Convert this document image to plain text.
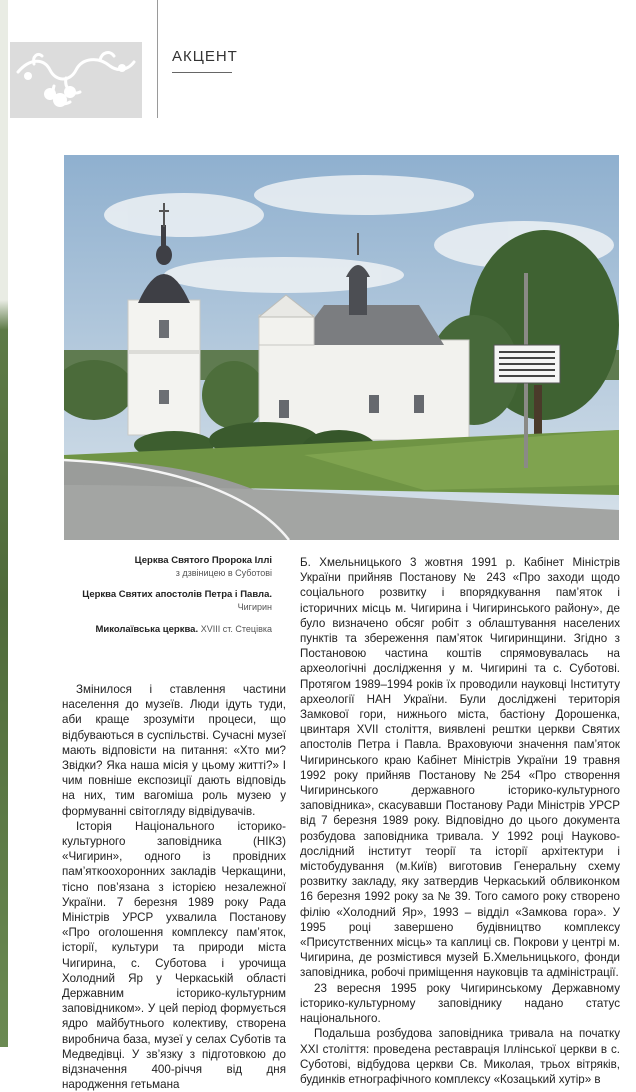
АКЦЕНТ
Церква Святого Пророка Іллі
з дзвіницею в Суботові
Церква Святих апостолів Петра і Павла.
Чигирин
Миколаївська церква. XVIII ст. Стецівка

Змінилося і ставлення частини населення до музеїв. Люди ідуть туди, аби краще зрозуміти процеси, що відбуваються в суспільстві. Сучасні музеї мають відповісти на питання: «Хто ми? Звідки? Яка наша місія у цьому житті?» І чим повніше експозиції дають відповідь на них, тим вагоміша роль музею у формуванні світогляду відвідувачів.

Історія Національного історико-культурного заповідника (НІКЗ) «Чигирин», одного із провідних пам’яткоохоронних закладів Черкащини, тісно пов’язана з історією незалежної України. 7 березня 1989 року Рада Міністрів УРСР ухвалила Постанову «Про оголошення комплексу пам’яток, історії, культури та природи міста Чигирина, с. Суботова і урочища Холодний Яр у Черкаській області Державним історико-культурним заповідником». У цей період формується ядро майбутнього колективу, створена виробнича база, музеї у селах Суботів та Медведівці. У зв’язку з підготовкою до відзначення 400-річчя від дня народження гетьмана

Б. Хмельницького 3 жовтня 1991 р. Кабінет Міністрів України прийняв Постанову № 243 «Про заходи щодо соціального розвитку і впорядкування пам’яток і історичних місць м. Чигирина і Чигиринського району», де було визначено обсяг робіт з облаштування населених пунктів та збереження пам’яток Чигиринщини. Згідно з Постановою частина коштів спрямовувалась на археологічні дослідження у м. Чигирині та с. Суботові. Протягом 1989–1994 років їх проводили науковці Інституту археології НАН України. Були досліджені територія Замкової гори, нижнього міста, бастіону Дорошенка, цвинтаря XVII століття, виявлені рештки церкви Святих апостолів Петра і Павла. Враховуючи значення пам’яток Чигиринського краю Кабінет Міністрів України 19 травня 1992 року прийняв Постанову №254 «Про створення Чигиринського державного історико-культурного заповідника», скасувавши Постанову Ради Міністрів УРСР від 7 березня 1989 року. Відповідно до цього документа розбудова заповідника тривала. У 1992 році Науково-дослідний інститут теорії та історії архітектури і містобудування (м.Київ) виготовив Генеральну схему розвитку закладу, яку затвердив Черкаський облвиконком 16 березня 1992 року за № 39. Того самого року створено філію «Холодний Яр», 1993 – відділ «Замкова гора». У 1995 році завершено будівництво комплексу «Присутственних місць» та каплиці св. Покрови у центрі м. Чигирина, де розмістився музей Б.Хмельницького, фонди заповідника, робочі приміщення науковців та адміністрації.

23 вересня 1995 року Чигиринському Державному історико-культурному заповіднику надано статус національного.

Подальша розбудова заповідника тривала на початку XXI століття: проведена реставрація Іллінської церкви в с. Суботові, відбудова церкви Св. Миколая, трьох вітряків, будинків етнографічного комплексу «Козацький хутір» в
